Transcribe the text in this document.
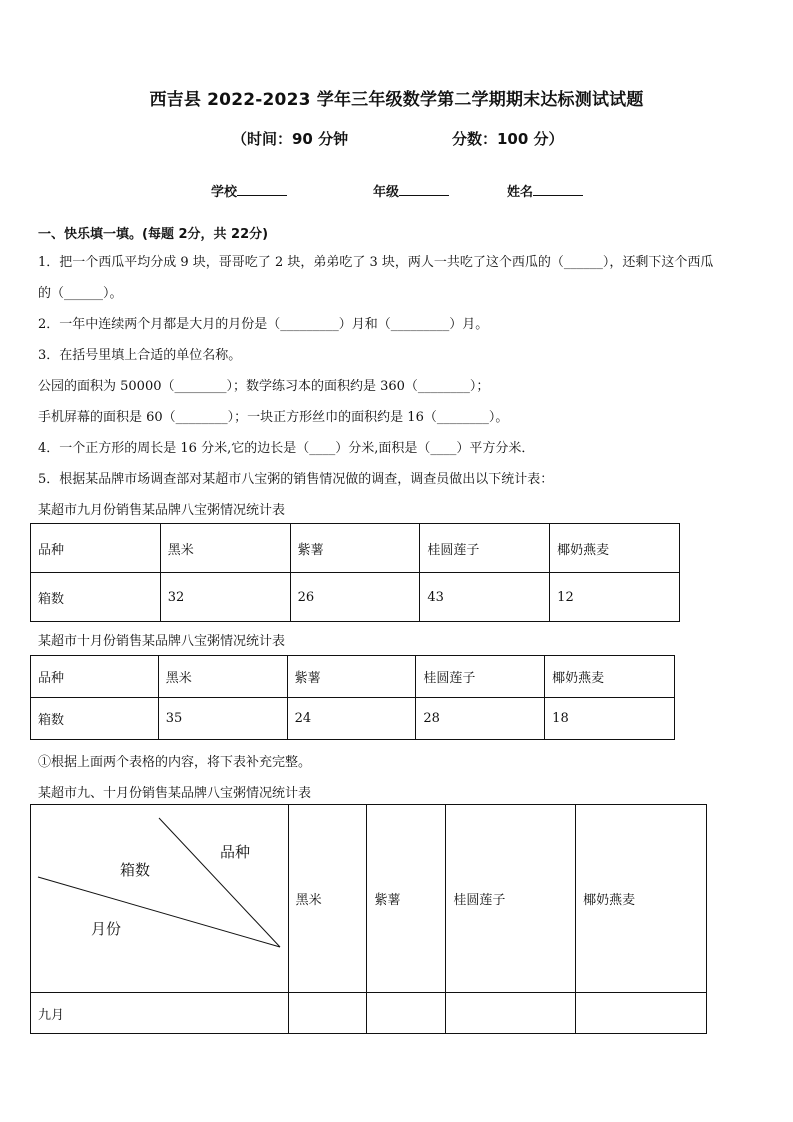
西吉县 2022-2023 学年三年级数学第二学期期末达标测试试题
（时间：90 分钟	分数：100 分）
学校	年级	姓名
一、快乐填一填。(每题 2分，共 22分)
1．把一个西瓜平均分成 9 块，哥哥吃了 2 块，弟弟吃了 3 块，两人一共吃了这个西瓜的（______），还剩下这个西瓜
的（______）。
2．一年中连续两个月都是大月的月份是（_________）月和（_________）月。
3．在括号里填上合适的单位名称。
公园的面积为 50000（________）；数学练习本的面积约是 360（________）；
手机屏幕的面积是 60（________）；一块正方形丝巾的面积约是 16（________）。
4．一个正方形的周长是 16 分米,它的边长是（____）分米,面积是（____）平方分米．
5．根据某品牌市场调查部对某超市八宝粥的销售情况做的调查，调查员做出以下统计表：
某超市九月份销售某品牌八宝粥情况统计表
品种	黑米	紫薯	桂圆莲子	椰奶燕麦
箱数	32	26	43	12
某超市十月份销售某品牌八宝粥情况统计表
品种	黑米	紫薯	桂圆莲子	椰奶燕麦
箱数	35	24	28	18
①根据上面两个表格的内容，将下表补充完整。
某超市九、十月份销售某品牌八宝粥情况统计表
品种
箱数
月份	黑米	紫薯	桂圆莲子	椰奶燕麦
九月				
